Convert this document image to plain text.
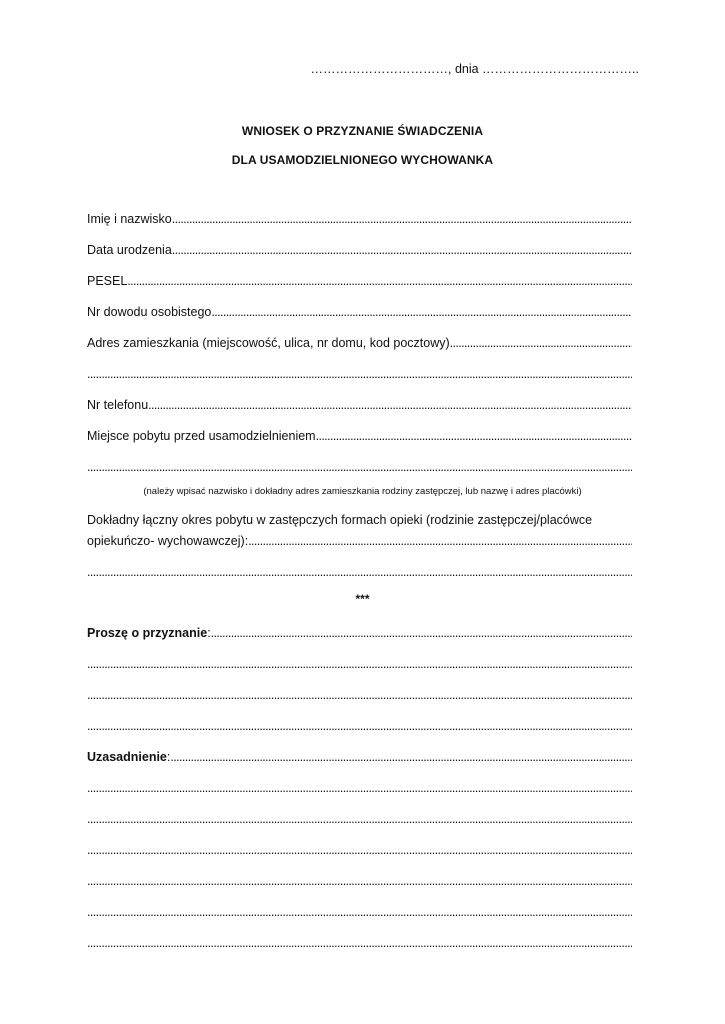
……………………………, dnia ………………………………..
WNIOSEK O PRZYZNANIE ŚWIADCZENIA
DLA USAMODZIELNIONEGO WYCHOWANKA
Imię i nazwisko
.....
Data urodzenia
.....
PESEL
.....
Nr dowodu osobistego
.....
Adres zamieszkania (miejscowość, ulica, nr domu, kod pocztowy)
.....
.....
Nr telefonu
.....
Miejsce pobytu przed usamodzielnieniem
.....
.....
(należy wpisać nazwisko i dokładny adres zamieszkania rodziny zastępczej, lub nazwę i adres placówki)
Dokładny łączny okres pobytu w zastępczych formach opieki (rodzinie zastępczej/placówce
opiekuńczo- wychowawczej):
.....
.....
***
Proszę o przyznanie :
.....
.....
.....
.....
Uzasadnienie :
.....
.....
.....
.....
.....
.....
.....
